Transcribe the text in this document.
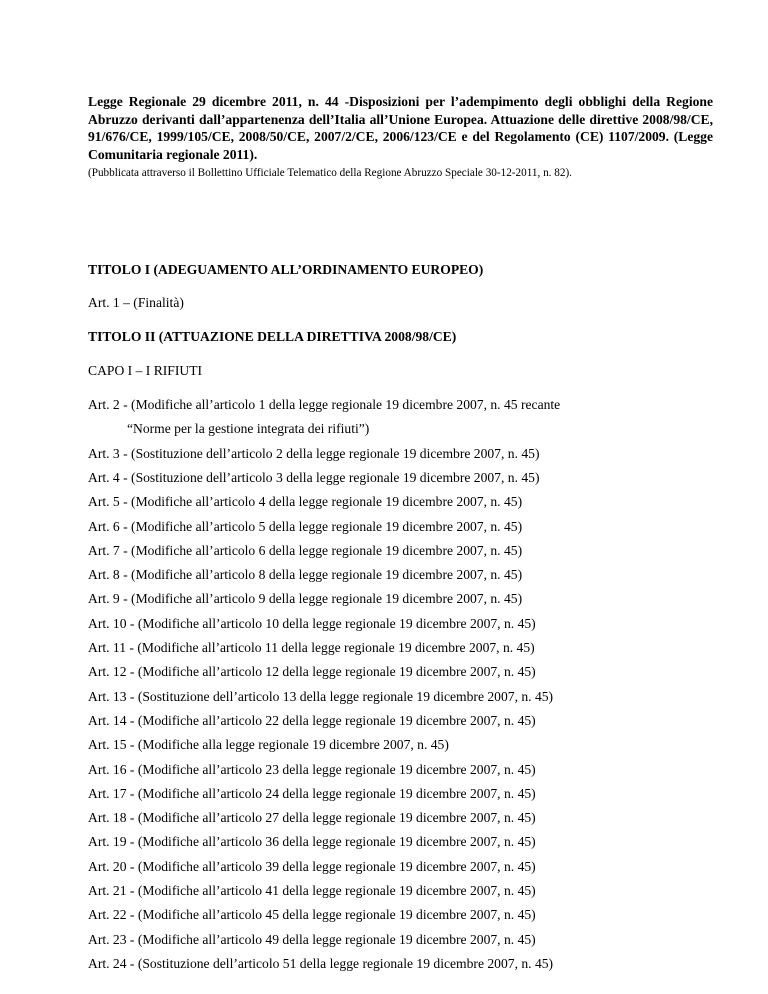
Legge Regionale 29 dicembre 2011, n. 44 -Disposizioni per l’adempimento degli obblighi della Regione Abruzzo derivanti dall’appartenenza dell’Italia all’Unione Europea. Attuazione delle direttive 2008/98/CE, 91/676/CE, 1999/105/CE, 2008/50/CE, 2007/2/CE, 2006/123/CE e del Regolamento (CE) 1107/2009. (Legge Comunitaria regionale 2011).

(Pubblicata attraverso il Bollettino Ufficiale Telematico della Regione Abruzzo Speciale 30-12-2011, n. 82).

TITOLO I (ADEGUAMENTO ALL’ORDINAMENTO EUROPEO)

Art. 1 – (Finalità)

TITOLO II (ATTUAZIONE DELLA DIRETTIVA 2008/98/CE)

CAPO I – I RIFIUTI

Art. 2 - (Modifiche all’articolo 1 della legge regionale 19 dicembre 2007, n. 45 recante

“Norme per la gestione integrata dei rifiuti”)

Art. 3 - (Sostituzione dell’articolo 2 della legge regionale 19 dicembre 2007, n. 45)

Art. 4 - (Sostituzione dell’articolo 3 della legge regionale 19 dicembre 2007, n. 45)

Art. 5 - (Modifiche all’articolo 4 della legge regionale 19 dicembre 2007, n. 45)

Art. 6 - (Modifiche all’articolo 5 della legge regionale 19 dicembre 2007, n. 45)

Art. 7 - (Modifiche all’articolo 6 della legge regionale 19 dicembre 2007, n. 45)

Art. 8 - (Modifiche all’articolo 8 della legge regionale 19 dicembre 2007, n. 45)

Art. 9 - (Modifiche all’articolo 9 della legge regionale 19 dicembre 2007, n. 45)

Art. 10 - (Modifiche all’articolo 10 della legge regionale 19 dicembre 2007, n. 45)

Art. 11 - (Modifiche all’articolo 11 della legge regionale 19 dicembre 2007, n. 45)

Art. 12 - (Modifiche all’articolo 12 della legge regionale 19 dicembre 2007, n. 45)

Art. 13 - (Sostituzione dell’articolo 13 della legge regionale 19 dicembre 2007, n. 45)

Art. 14 - (Modifiche all’articolo 22 della legge regionale 19 dicembre 2007, n. 45)

Art. 15 - (Modifiche alla legge regionale 19 dicembre 2007, n. 45)

Art. 16 - (Modifiche all’articolo 23 della legge regionale 19 dicembre 2007, n. 45)

Art. 17 - (Modifiche all’articolo 24 della legge regionale 19 dicembre 2007, n. 45)

Art. 18 - (Modifiche all’articolo 27 della legge regionale 19 dicembre 2007, n. 45)

Art. 19 - (Modifiche all’articolo 36 della legge regionale 19 dicembre 2007, n. 45)

Art. 20 - (Modifiche all’articolo 39 della legge regionale 19 dicembre 2007, n. 45)

Art. 21 - (Modifiche all’articolo 41 della legge regionale 19 dicembre 2007, n. 45)

Art. 22 - (Modifiche all’articolo 45 della legge regionale 19 dicembre 2007, n. 45)

Art. 23 - (Modifiche all’articolo 49 della legge regionale 19 dicembre 2007, n. 45)

Art. 24 - (Sostituzione dell’articolo 51 della legge regionale 19 dicembre 2007, n. 45)
